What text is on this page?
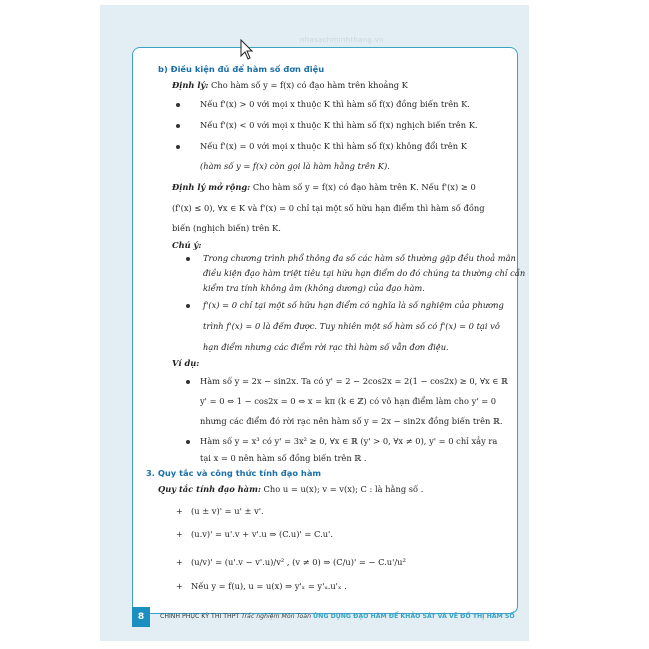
nhasachminhthang.vn
b) Điều kiện đủ để hàm số đơn điệu
Định lý: Cho hàm số y = f(x) có đạo hàm trên khoảng K
Nếu f'(x) > 0 với mọi x thuộc K thì hàm số f(x) đồng biến trên K.
Nếu f'(x) < 0 với mọi x thuộc K thì hàm số f(x) nghịch biến trên K.
Nếu f'(x) = 0 với mọi x thuộc K thì hàm số f(x) không đổi trên K
(hàm số y = f(x) còn gọi là hàm hằng trên K).
Định lý mở rộng: Cho hàm số y = f(x) có đạo hàm trên K. Nếu f'(x) ≥ 0
(f'(x) ≤ 0), ∀x ∈ K và f'(x) = 0 chỉ tại một số hữu hạn điểm thì hàm số đồng
biến (nghịch biến) trên K.
Chú ý:
Trong chương trình phổ thông đa số các hàm số thường gặp đều thoả mãn
điều kiện đạo hàm triệt tiêu tại hữu hạn điểm do đó chúng ta thường chỉ cần
kiểm tra tính không âm (không dương) của đạo hàm.
f'(x) = 0 chỉ tại một số hữu hạn điểm có nghĩa là số nghiệm của phương
trình f'(x) = 0 là đếm được. Tuy nhiên một số hàm số có f'(x) = 0 tại vô
hạn điểm nhưng các điểm rời rạc thì hàm số vẫn đơn điệu.
Ví dụ:
Hàm số y = 2x − sin2x. Ta có y' = 2 − 2cos2x = 2(1 − cos2x) ≥ 0, ∀x ∈ ℝ
y' = 0 ⇔ 1 − cos2x = 0 ⇔ x = kπ (k ∈ ℤ) có vô hạn điểm làm cho y' = 0
nhưng các điểm đó rời rạc nên hàm số y = 2x − sin2x đồng biến trên ℝ.
Hàm số y = x³ có y' = 3x² ≥ 0, ∀x ∈ ℝ (y' > 0, ∀x ≠ 0), y' = 0 chỉ xảy ra
tại x = 0 nên hàm số đồng biến trên ℝ .
3. Quy tắc và công thức tính đạo hàm
Quy tắc tính đạo hàm: Cho u = u(x); v = v(x); C : là hằng số .
+ (u ± v)' = u' ± v'.
+ (u.v)' = u'.v + v'.u ⇒ (C.u)' = C.u'.
+ (u/v)' = (u'.v − v'.u)/v² , (v ≠ 0) ⇒ (C/u)' = − C.u'/u²
+ Nếu y = f(u), u = u(x) ⇒ y'ₓ = y'ᵤ.u'ₓ .
8	CHINH PHỤC KỲ THI THPT Trắc nghiệm Môn Toán ỨNG DỤNG ĐẠO HÀM ĐỂ KHẢO SÁT VÀ VẼ ĐỒ THỊ HÀM SỐ
